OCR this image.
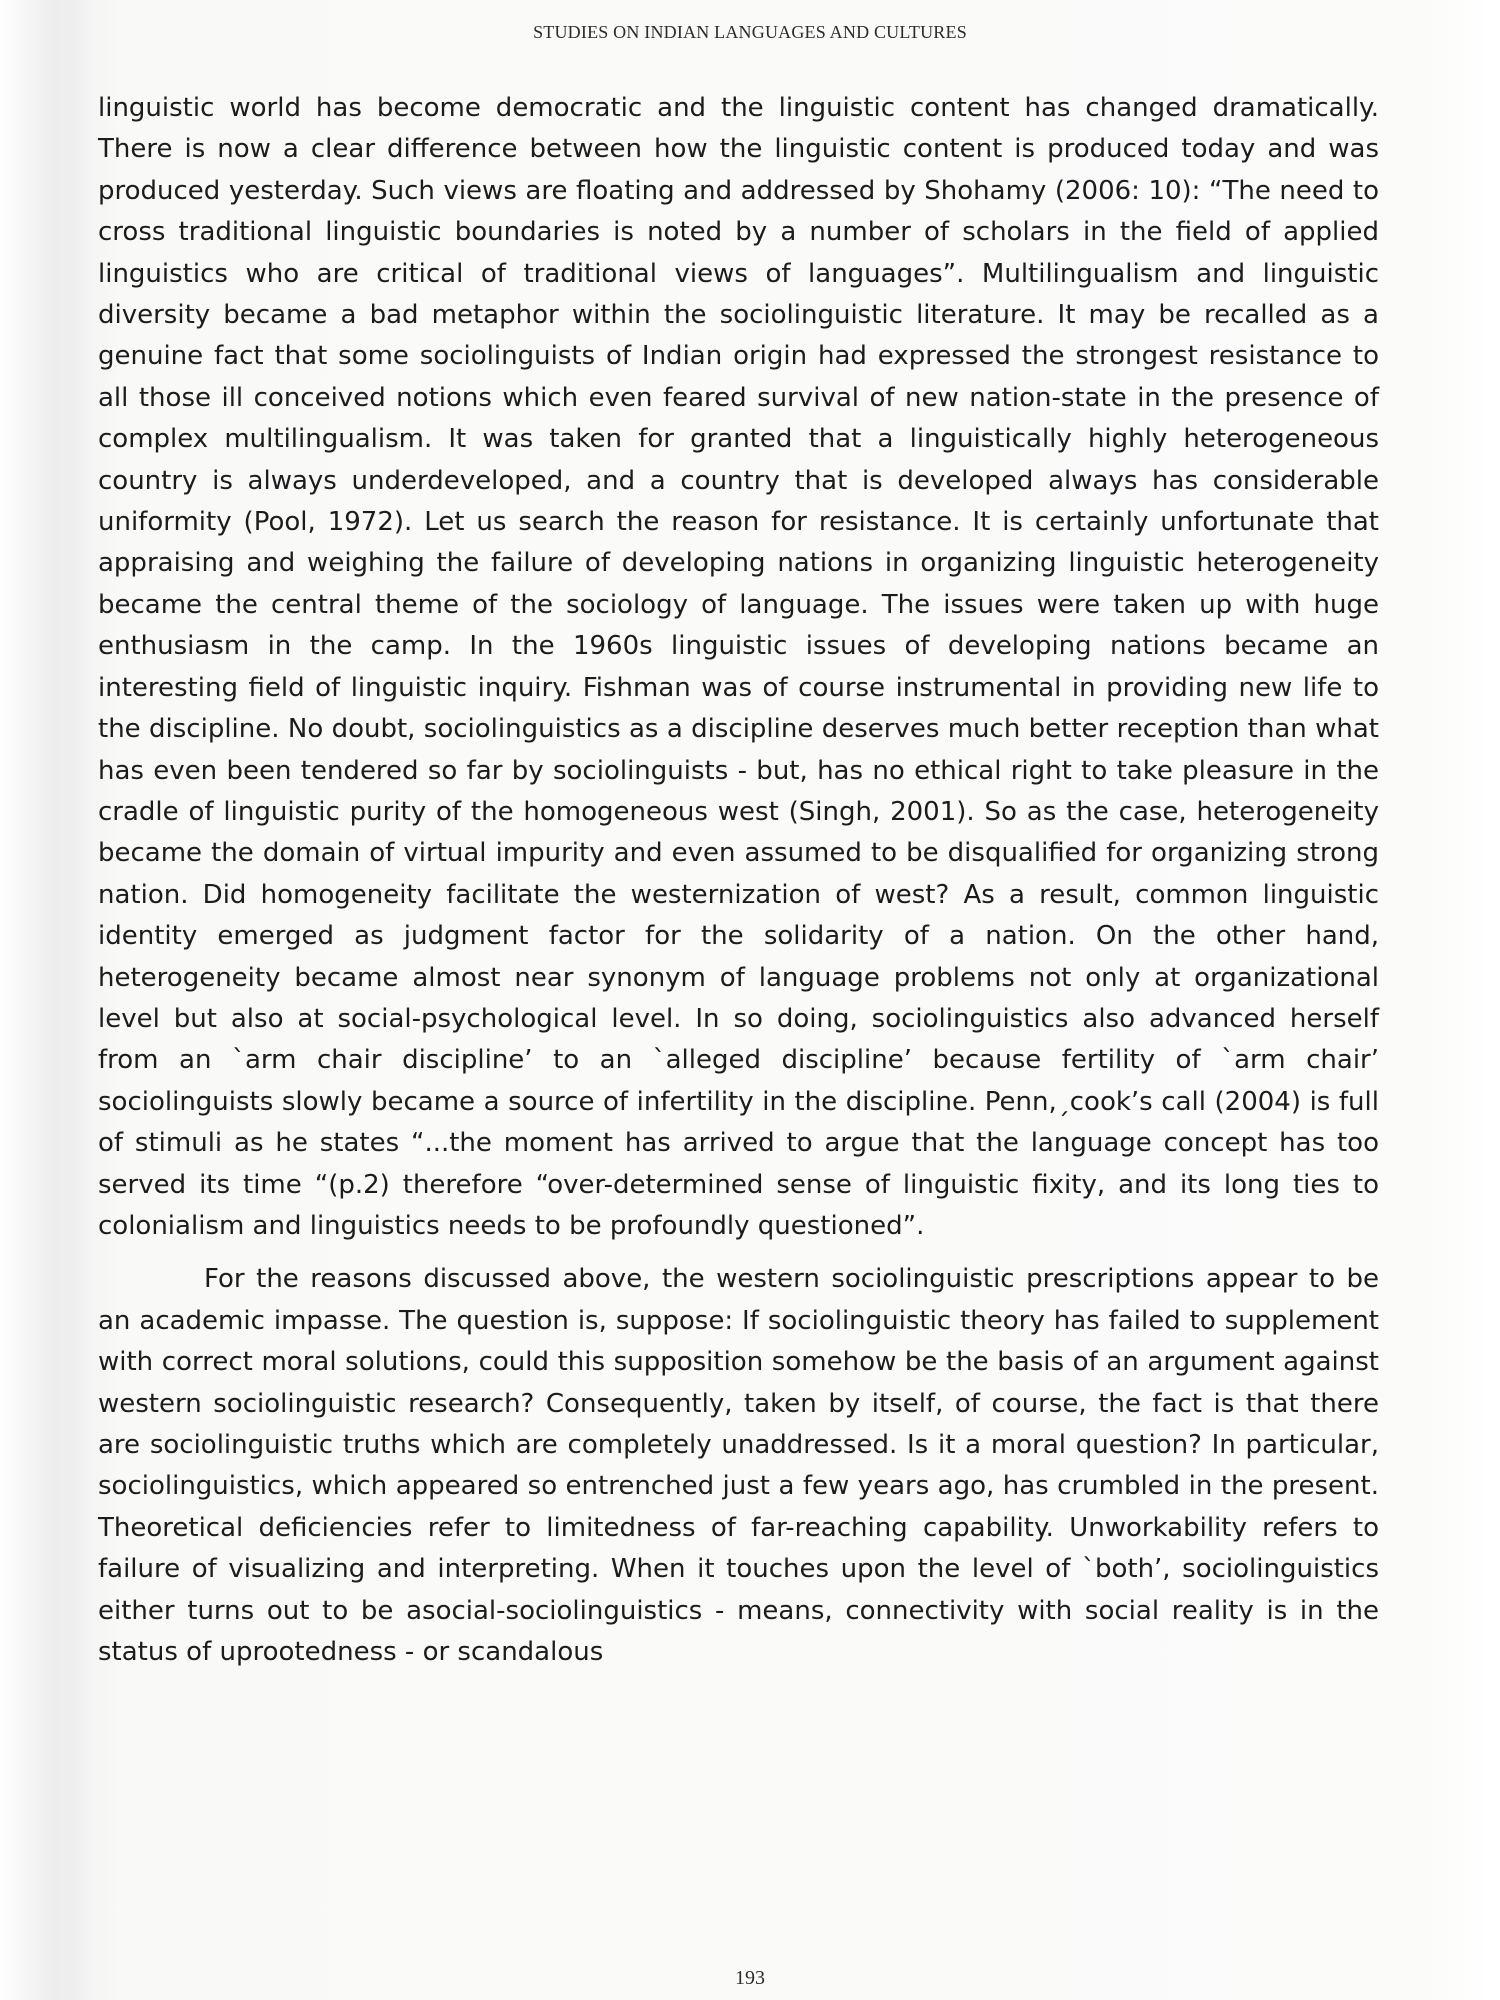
STUDIES ON INDIAN LANGUAGES AND CULTURES

linguistic world has become democratic and the linguistic content has changed dramatically. There is now a clear difference between how the linguistic content is produced today and was produced yesterday. Such views are floating and addressed by Shohamy (2006: 10): “The need to cross traditional linguistic boundaries is noted by a number of scholars in the field of applied linguistics who are critical of traditional views of languages”. Multilingualism and linguistic diversity became a bad metaphor within the sociolinguistic literature. It may be recalled as a genuine fact that some sociolinguists of Indian origin had expressed the strongest resistance to all those ill conceived notions which even feared survival of new nation-state in the presence of complex multilingualism. It was taken for granted that a linguistically highly heterogeneous country is always underdeveloped, and a country that is developed always has considerable uniformity (Pool, 1972). Let us search the reason for resistance. It is certainly unfortunate that appraising and weighing the failure of developing nations in organizing linguistic heterogeneity became the central theme of the sociology of language. The issues were taken up with huge enthusiasm in the camp. In the 1960s linguistic issues of developing nations became an interesting field of linguistic inquiry. Fishman was of course instrumental in providing new life to the discipline. No doubt, sociolinguistics as a discipline deserves much better reception than what has even been tendered so far by sociolinguists - but, has no ethical right to take pleasure in the cradle of linguistic purity of the homogeneous west (Singh, 2001). So as the case, heterogeneity became the domain of virtual impurity and even assumed to be disqualified for organizing strong nation. Did homogeneity facilitate the westernization of west? As a result, common linguistic identity emerged as judgment factor for the solidarity of a nation. On the other hand, heterogeneity became almost near synonym of language problems not only at organizational level but also at social-psychological level. In so doing, sociolinguistics also advanced herself from an `arm chair discipline’ to an `alleged discipline’ because fertility of `arm chair’ sociolinguists slowly became a source of infertility in the discipline. Penn,ˏcook’s call (2004) is full of stimuli as he states “...the moment has arrived to argue that the language concept has too served its time “(p.2) therefore “over-determined sense of linguistic fixity, and its long ties to colonialism and linguistics needs to be profoundly questioned”.

For the reasons discussed above, the western sociolinguistic prescriptions appear to be an academic impasse. The question is, suppose: If sociolinguistic theory has failed to supplement with correct moral solutions, could this supposition somehow be the basis of an argument against western sociolinguistic research? Consequently, taken by itself, of course, the fact is that there are sociolinguistic truths which are completely unaddressed. Is it a moral question? In particular, sociolinguistics, which appeared so entrenched just a few years ago, has crumbled in the present. Theoretical deficiencies refer to limitedness of far-reaching capability. Unworkability refers to failure of visualizing and interpreting. When it touches upon the level of `both’, sociolinguistics either turns out to be asocial-sociolinguistics - means, connectivity with social reality is in the status of uprootedness - or scandalous

193
